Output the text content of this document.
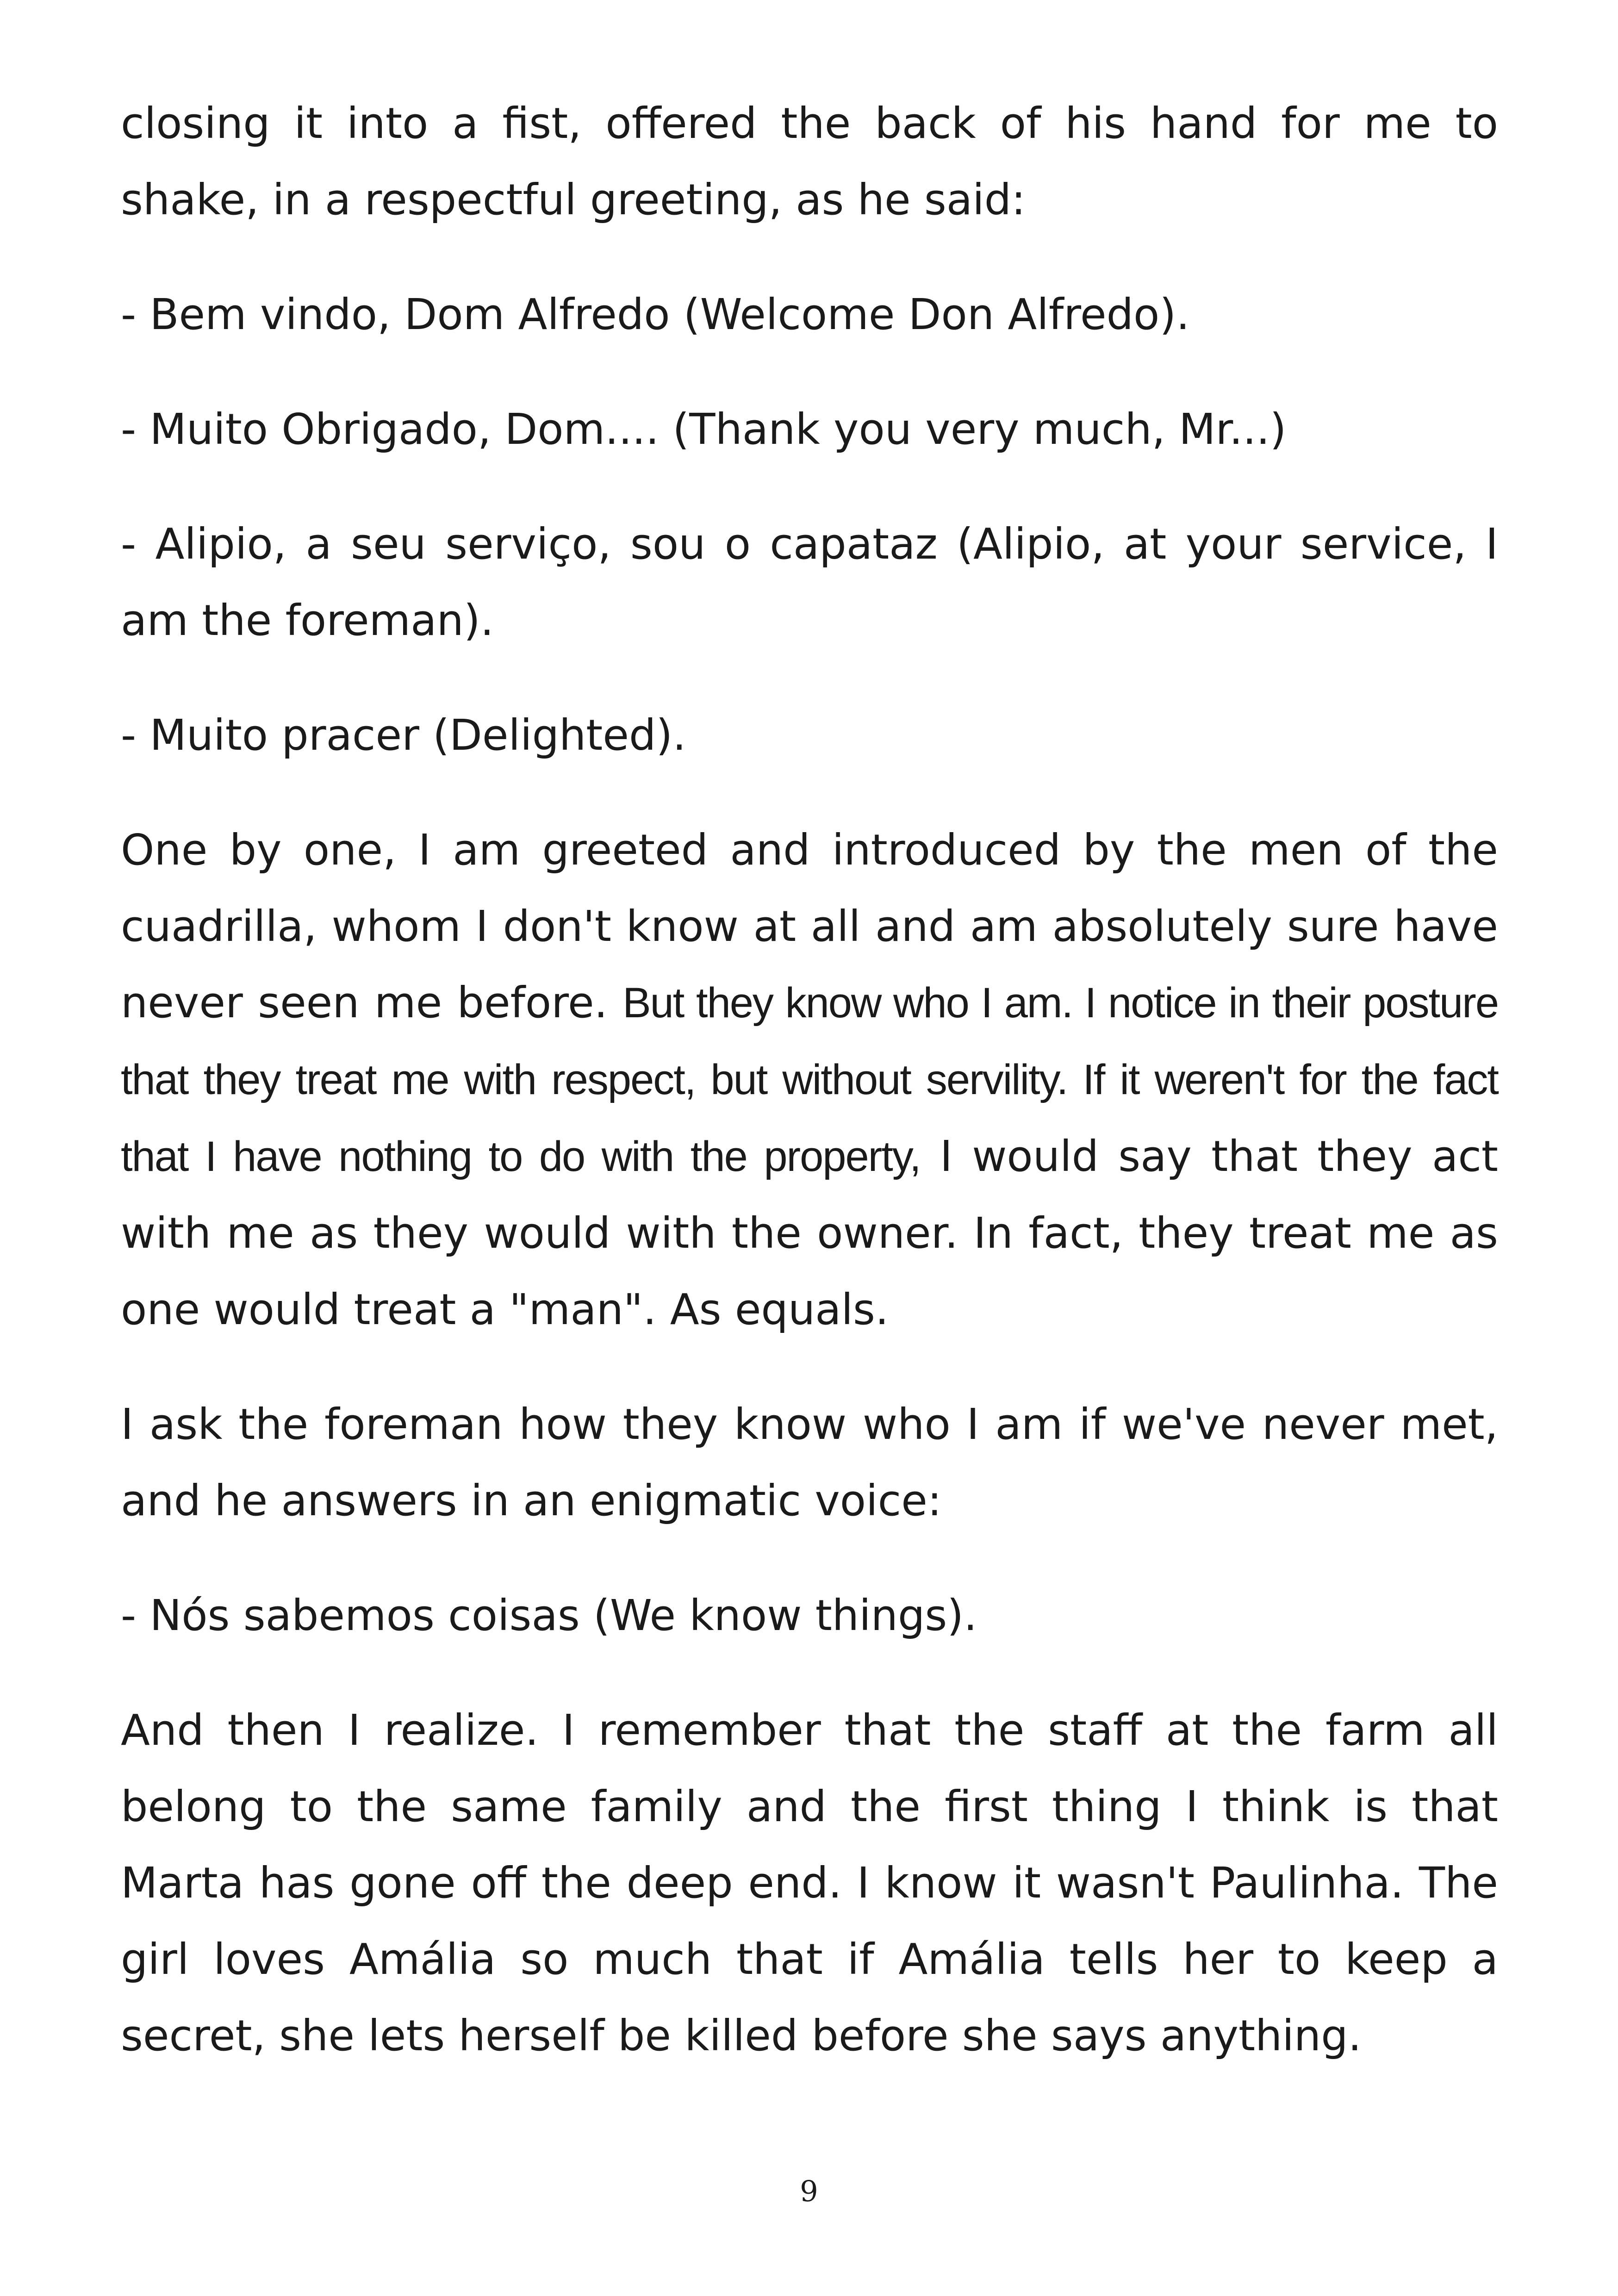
closing it into a fist, offered the back of his hand for me to shake, in a respectful greeting, as he said:

- Bem vindo, Dom Alfredo (Welcome Don Alfredo).

- Muito Obrigado, Dom.... (Thank you very much, Mr...)

- Alipio, a seu serviço, sou o capataz (Alipio, at your service, I am the foreman).

- Muito pracer (Delighted).

One by one, I am greeted and introduced by the men of the cuadrilla, whom I don't know at all and am absolutely sure have never seen me before. But they know who I am. I notice in their posture that they treat me with respect, but without servility. If it weren't for the fact that I have nothing to do with the property, I would say that they act with me as they would with the owner. In fact, they treat me as one would treat a "man". As equals.

I ask the foreman how they know who I am if we've never met, and he answers in an enigmatic voice:

- Nós sabemos coisas (We know things).

And then I realize. I remember that the staff at the farm all belong to the same family and the first thing I think is that Marta has gone off the deep end. I know it wasn't Paulinha. The girl loves Amália so much that if Amália tells her to keep a secret, she lets herself be killed before she says anything.

9
